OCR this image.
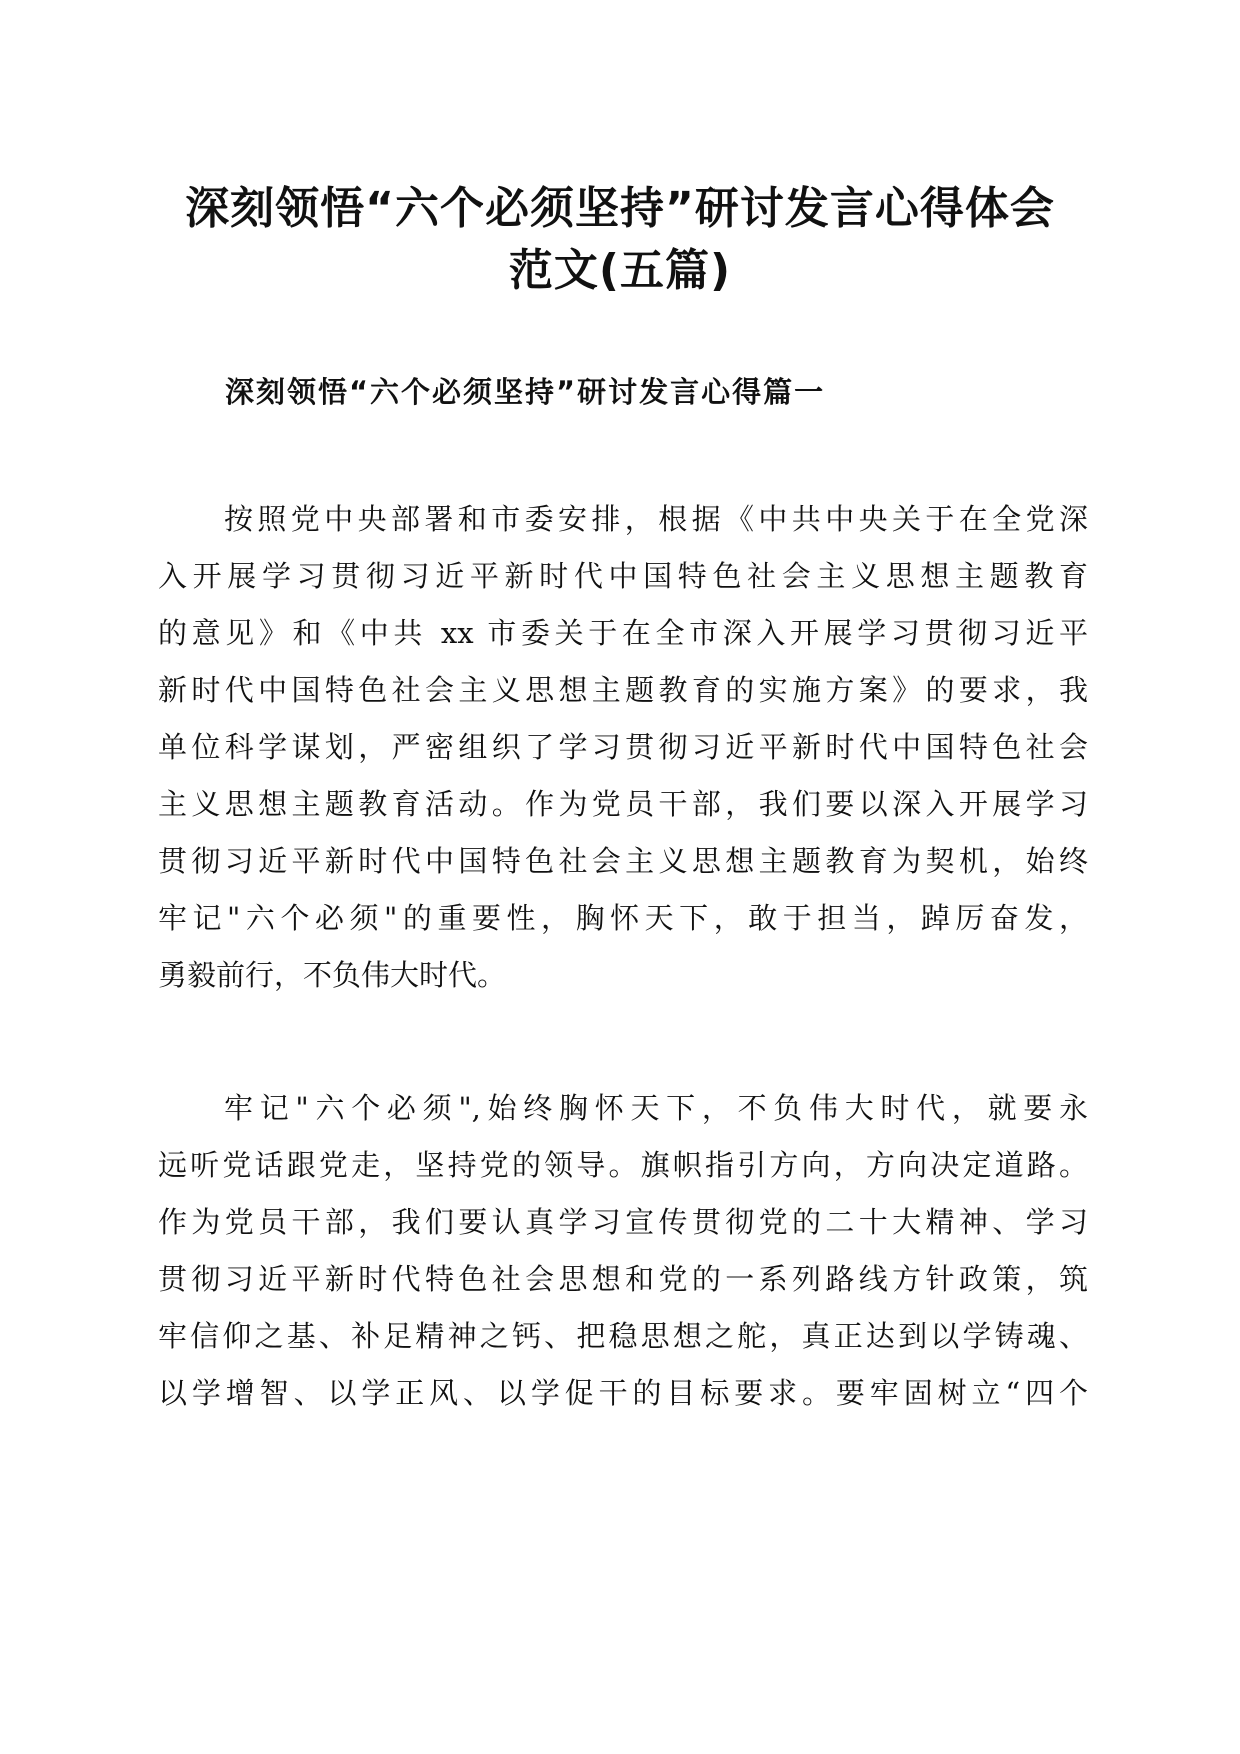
深刻领悟“六个必须坚持”研讨发言心得体会
范文(五篇)
深刻领悟“六个必须坚持”研讨发言心得篇一
按照党中央部署和市委安排，根据《中共中央关于在全党深
入开展学习贯彻习近平新时代中国特色社会主义思想主题教育
的意见》和《中共 xx 市委关于在全市深入开展学习贯彻习近平
新时代中国特色社会主义思想主题教育的实施方案》的要求，我
单位科学谋划，严密组织了学习贯彻习近平新时代中国特色社会
主义思想主题教育活动。作为党员干部，我们要以深入开展学习
贯彻习近平新时代中国特色社会主义思想主题教育为契机，始终
牢记"六个必须"的重要性，胸怀天下，敢于担当，踔厉奋发，
勇毅前行，不负伟大时代。
牢记"六个必须",始终胸怀天下，不负伟大时代，就要永
远听党话跟党走，坚持党的领导。旗帜指引方向，方向决定道路。
作为党员干部，我们要认真学习宣传贯彻党的二十大精神、学习
贯彻习近平新时代特色社会思想和党的一系列路线方针政策，筑
牢信仰之基、补足精神之钙、把稳思想之舵，真正达到以学铸魂、
以学增智、以学正风、以学促干的目标要求。要牢固树立“四个
